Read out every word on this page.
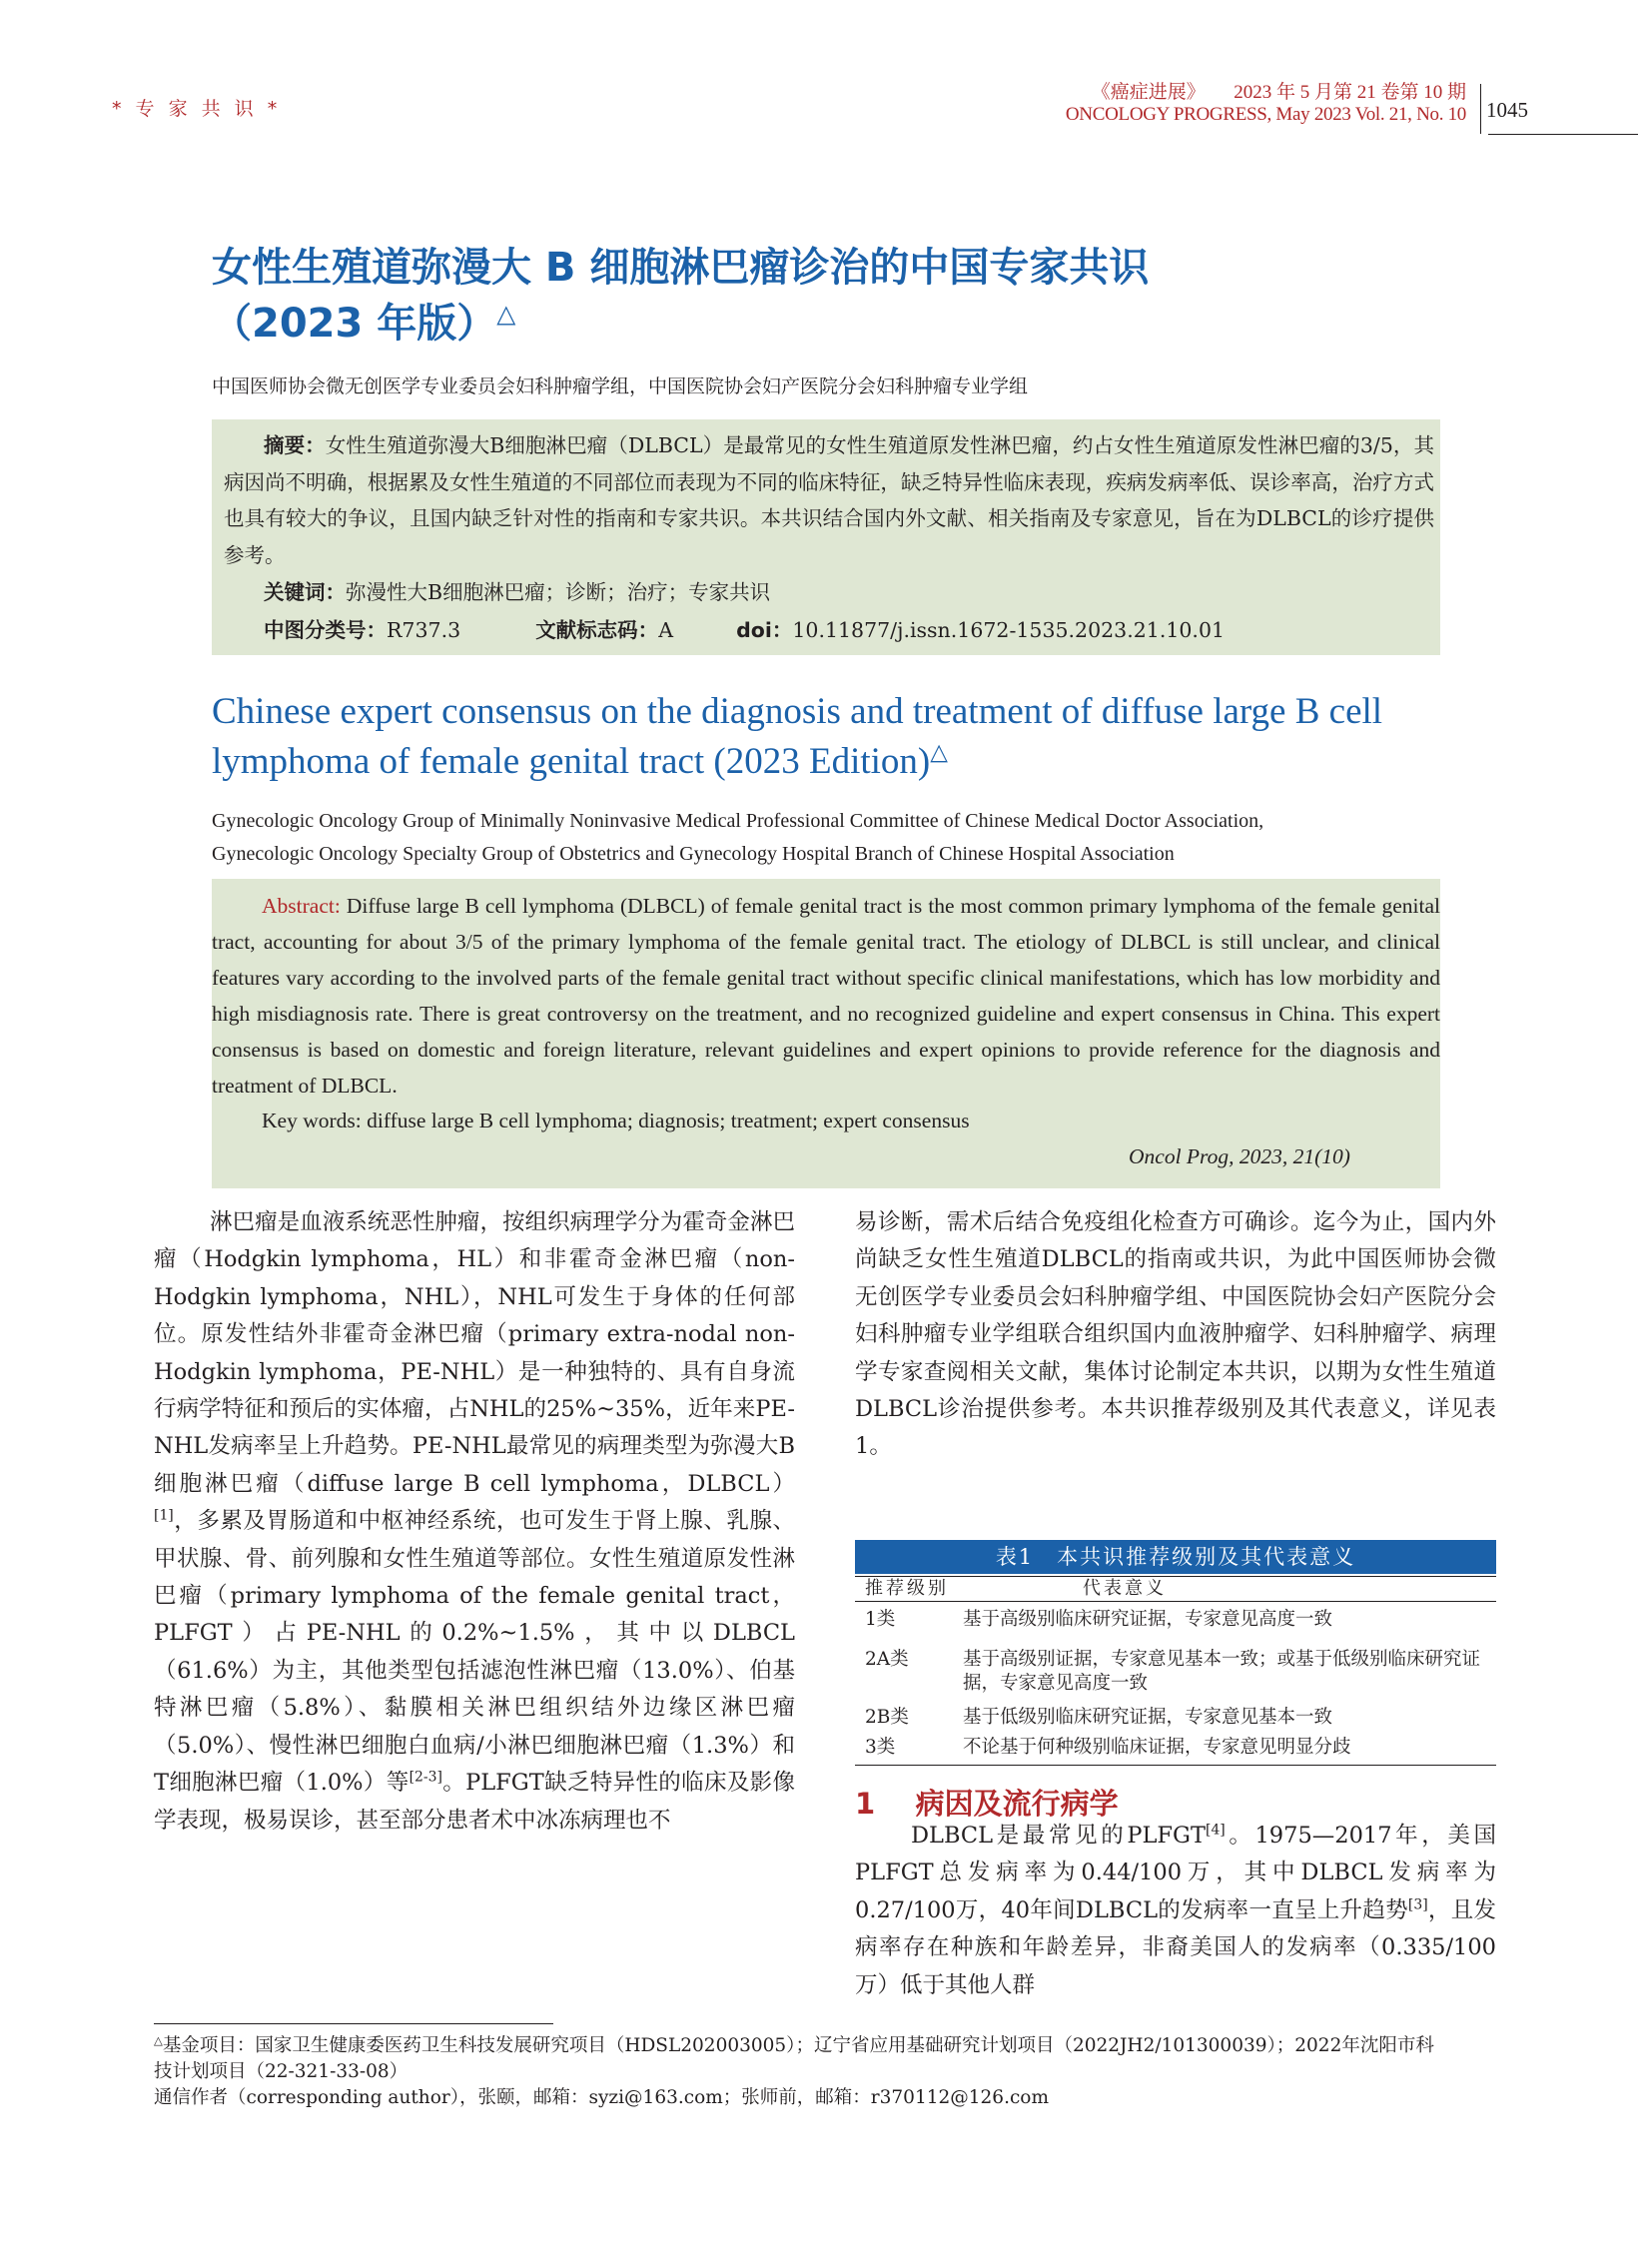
* 专 家 共 识 *
《癌症进展》 2023 年 5 月第 21 卷第 10 期
ONCOLOGY PROGRESS, May 2023 Vol. 21, No. 10 1045
女性生殖道弥漫大 B 细胞淋巴瘤诊治的中国专家共识
（2023 年版）△
中国医师协会微无创医学专业委员会妇科肿瘤学组，中国医院协会妇产医院分会妇科肿瘤专业学组
摘要：女性生殖道弥漫大B细胞淋巴瘤（DLBCL）是最常见的女性生殖道原发性淋巴瘤，约占女性生殖道原发性淋巴瘤的3/5，其病因尚不明确，根据累及女性生殖道的不同部位而表现为不同的临床特征，缺乏特异性临床表现，疾病发病率低、误诊率高，治疗方式也具有较大的争议，且国内缺乏针对性的指南和专家共识。本共识结合国内外文献、相关指南及专家意见，旨在为DLBCL的诊疗提供参考。
关键词：弥漫性大B细胞淋巴瘤；诊断；治疗；专家共识
中图分类号：R737.3	文献标志码：A	doi：10.11877/j.issn.1672-1535.2023.21.10.01
Chinese expert consensus on the diagnosis and treatment of diffuse large B cell lymphoma of female genital tract (2023 Edition)△
Gynecologic Oncology Group of Minimally Noninvasive Medical Professional Committee of Chinese Medical Doctor Association,
Gynecologic Oncology Specialty Group of Obstetrics and Gynecology Hospital Branch of Chinese Hospital Association
Abstract: Diffuse large B cell lymphoma (DLBCL) of female genital tract is the most common primary lymphoma of the female genital tract, accounting for about 3/5 of the primary lymphoma of the female genital tract. The etiology of DLBCL is still unclear, and clinical features vary according to the involved parts of the female genital tract without specific clinical manifestations, which has low morbidity and high misdiagnosis rate. There is great controversy on the treatment, and no recognized guideline and expert consensus in China. This expert consensus is based on domestic and foreign literature, relevant guidelines and expert opinions to provide reference for the diagnosis and treatment of DLBCL.
Key words: diffuse large B cell lymphoma; diagnosis; treatment; expert consensus
Oncol Prog, 2023, 21(10)
淋巴瘤是血液系统恶性肿瘤，按组织病理学分为霍奇金淋巴瘤（Hodgkin lymphoma，HL）和非霍奇金淋巴瘤（non-Hodgkin lymphoma，NHL），NHL可发生于身体的任何部位。原发性结外非霍奇金淋巴瘤（primary extra-nodal non-Hodgkin lymphoma，PE-NHL）是一种独特的、具有自身流行病学特征和预后的实体瘤，占NHL的25%~35%，近年来PE-NHL发病率呈上升趋势。PE-NHL最常见的病理类型为弥漫大B细胞淋巴瘤（diffuse large B cell lymphoma，DLBCL）[1]，多累及胃肠道和中枢神经系统，也可发生于肾上腺、乳腺、甲状腺、骨、前列腺和女性生殖道等部位。女性生殖道原发性淋巴瘤（primary lymphoma of the female genital tract，PLFGT）占PE-NHL的0.2%~1.5%，其中以DLBCL（61.6%）为主，其他类型包括滤泡性淋巴瘤（13.0%）、伯基特淋巴瘤（5.8%）、黏膜相关淋巴组织结外边缘区淋巴瘤（5.0%）、慢性淋巴细胞白血病/小淋巴细胞淋巴瘤（1.3%）和T细胞淋巴瘤（1.0%）等[2-3]。PLFGT缺乏特异性的临床及影像学表现，极易误诊，甚至部分患者术中冰冻病理也不
易诊断，需术后结合免疫组化检查方可确诊。迄今为止，国内外尚缺乏女性生殖道DLBCL的指南或共识，为此中国医师协会微无创医学专业委员会妇科肿瘤学组、中国医院协会妇产医院分会妇科肿瘤专业学组联合组织国内血液肿瘤学、妇科肿瘤学、病理学专家查阅相关文献，集体讨论制定本共识，以期为女性生殖道DLBCL诊治提供参考。本共识推荐级别及其代表意义，详见表1。
表1　本共识推荐级别及其代表意义
推荐级别	代表意义
1类	基于高级别临床研究证据，专家意见高度一致
2A类	基于高级别证据，专家意见基本一致；或基于低级别临床研究证据，专家意见高度一致
2B类	基于低级别临床研究证据，专家意见基本一致
3类	不论基于何种级别临床证据，专家意见明显分歧
1 病因及流行病学
DLBCL是最常见的PLFGT[4]。1975—2017年，美国PLFGT总发病率为0.44/100万，其中DLBCL发病率为0.27/100万，40年间DLBCL的发病率一直呈上升趋势[3]，且发病率存在种族和年龄差异，非裔美国人的发病率（0.335/100万）低于其他人群
△基金项目：国家卫生健康委医药卫生科技发展研究项目（HDSL202003005）；辽宁省应用基础研究计划项目（2022JH2/101300039）；2022年沈阳市科技计划项目（22-321-33-08）
通信作者（corresponding author），张颐，邮箱：syzi@163.com；张师前，邮箱：r370112@126.com
